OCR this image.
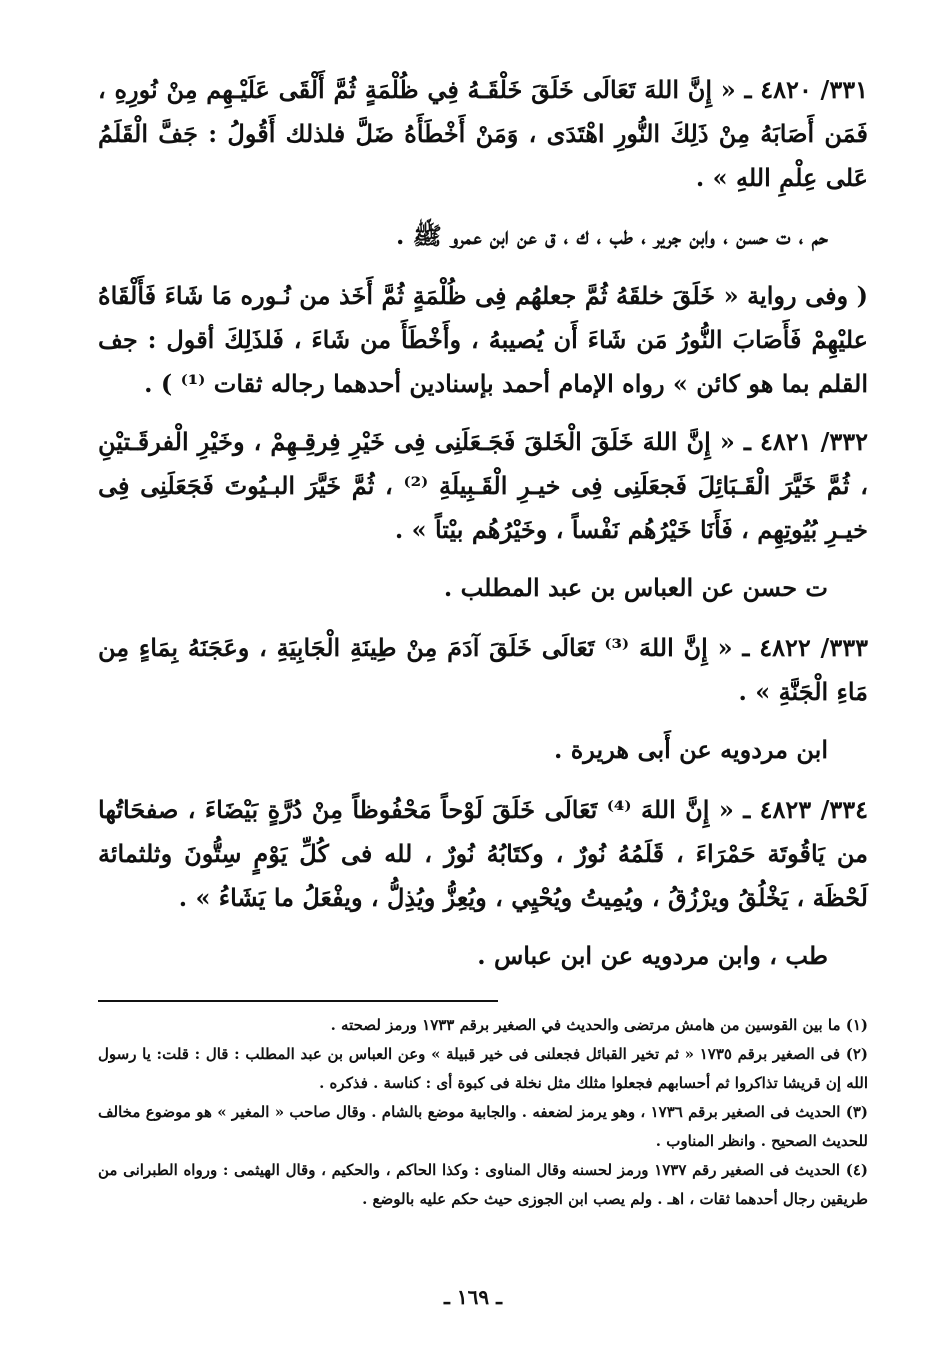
٣٣١/ ٤٨٢٠ ـ « إِنَّ اللهَ تَعَالَى خَلَقَ خَلْقَـهُ فِي ظُلْمَةٍ ثُمَّ أَلْقَى عَلَيْـهِم مِنْ نُورِهِ ، فَمَن أَصَابَهُ مِنْ ذَلِكَ النُّورِ اهْتَدَى ، وَمَنْ أَخْطَأَهُ ضَلَّ فلذلك أَقُولُ : جَفَّ الْقَلَمُ عَلى عِلْمِ اللهِ » .

حم ، ت حسن ، وابن جرير ، طب ، ك ، ق عن ابن عمرو ﷺ .

( وفى رواية « خَلَقَ خلقَهُ ثُمَّ جعلهُم فِى ظُلْمَةٍ ثُمَّ أَخَذ من نُـوره مَا شَاءَ فَأَلْقَاهُ عليْهِمْ فَأَصَابَ النُّورُ مَن شَاءَ أَن يُصيبهُ ، وأَخْطَأَ من شَاءَ ، فَلذَلِكَ أقول : جف القلم بما هو كائن » رواه الإمام أحمد بإسنادين أحدهما رجاله ثقات ⁽¹⁾ ) .

٣٣٢/ ٤٨٢١ ـ « إِنَّ اللهَ خَلَقَ الْخَلقَ فَجَـعَلَنِى فِى خَيْرِ فِرقِـهِمْ ، وخَيْرِ الْفرقَـتيْنِ ، ثُمَّ خَيَّرَ الْقَـبَائِلَ فَجعَلَنِى فِى خيـرِ الْقَـبِيلَةِ ⁽²⁾ ، ثُمَّ خَيَّرَ البـيُوتَ فَجَعَلَنِى فِى خيـرِ بُيُوتِهِم ، فَأَنَا خَيْرُهُم نَفْساً ، وخَيْرُهُم بيْتاً » .

ت حسن عن العباس بن عبد المطلب .

٣٣٣/ ٤٨٢٢ ـ « إِنَّ اللهَ ⁽³⁾ تَعَالَى خَلَقَ آدَمَ مِنْ طِينَةِ الْجَابِيَةِ ، وعَجَنَهُ بِمَاءٍ مِن مَاءِ الْجَنَّةِ » .

ابن مردويه عن أَبى هريرة .

٣٣٤/ ٤٨٢٣ ـ « إِنَّ اللهَ ⁽⁴⁾ تَعَالَى خَلَقَ لَوْحاً مَحْفُوظاً مِنْ دُرَّةٍ بَيْضَاءَ ، صفحَاتُها من يَاقُوتَة حَمْرَاءَ ، قَلَمُهُ نُورٌ ، وكتَابُهُ نُورٌ ، لله فى كُلِّ يَوْمٍ سِتُّونَ وثلثمائة لَحْظَة ، يَخْلُقُ ويرْزُقُ ، ويُمِيتُ ويُحْيِي ، ويُعِزُّ ويُذِلُّ ، ويفْعَلُ ما يَشَاءُ » .

طب ، وابن مردويه عن ابن عباس .

(١) ما بين القوسين من هامش مرتضى والحديث في الصغير برقم ١٧٣٣ ورمز لصحته .

(٢) فى الصغير برقم ١٧٣٥ « ثم تخير القبائل فجعلنى فى خير قبيلة » وعن العباس بن عبد المطلب : قال : قلت: يا رسول الله إن قريشا تذاكروا ثم أحسابهم فجعلوا مثلك مثل نخلة فى كبوة أى : كناسة . فذكره .

(٣) الحديث فى الصغير برقم ١٧٣٦ ، وهو يرمز لضعفه . والجابية موضع بالشام . وقال صاحب « المغير » هو موضوع مخالف للحديث الصحيح . وانظر المناوب .

(٤) الحديث فى الصغير رقم ١٧٣٧ ورمز لحسنه وقال المناوى : وكذا الحاكم ، والحكيم ، وقال الهيثمى : ورواه الطبرانى من طريقين رجال أحدهما ثقات ، اهـ . ولم يصب ابن الجوزى حيث حكم عليه بالوضع .

ـ ١٦٩ ـ
